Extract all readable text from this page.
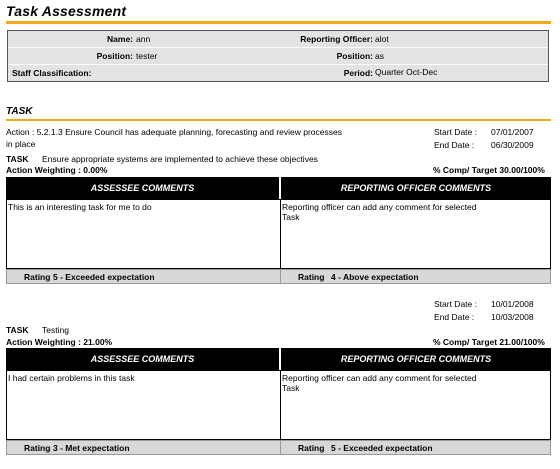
Task Assessment
Name: ann	Reporting Officer: alot
Position: tester	Position: as
Staff Classification:	Period: Quarter Oct-Dec
TASK
Action : 5.2.1.3 Ensure Council has adequate planning, forecasting and review processes
in place
Start Date : 07/01/2007
End Date : 06/30/2009
TASK Ensure appropriate systems are implemented to achieve these objectives
Action Weighting : 0.00%	% Comp/ Target 30.00/100%
ASSESSEE COMMENTS	REPORTING OFFICER COMMENTS
This is an interesting task for me to do	Reporting officer can add any comment for selected
Task
Rating 5 - Exceeded expectation	Rating 4 - Above expectation
Start Date : 10/01/2008
End Date : 10/03/2008
TASK Testing
Action Weighting : 21.00%	% Comp/ Target 21.00/100%
ASSESSEE COMMENTS	REPORTING OFFICER COMMENTS
I had certain problems in this task	Reporting officer can add any comment for selected
Task
Rating 3 - Met expectation	Rating 5 - Exceeded expectation
